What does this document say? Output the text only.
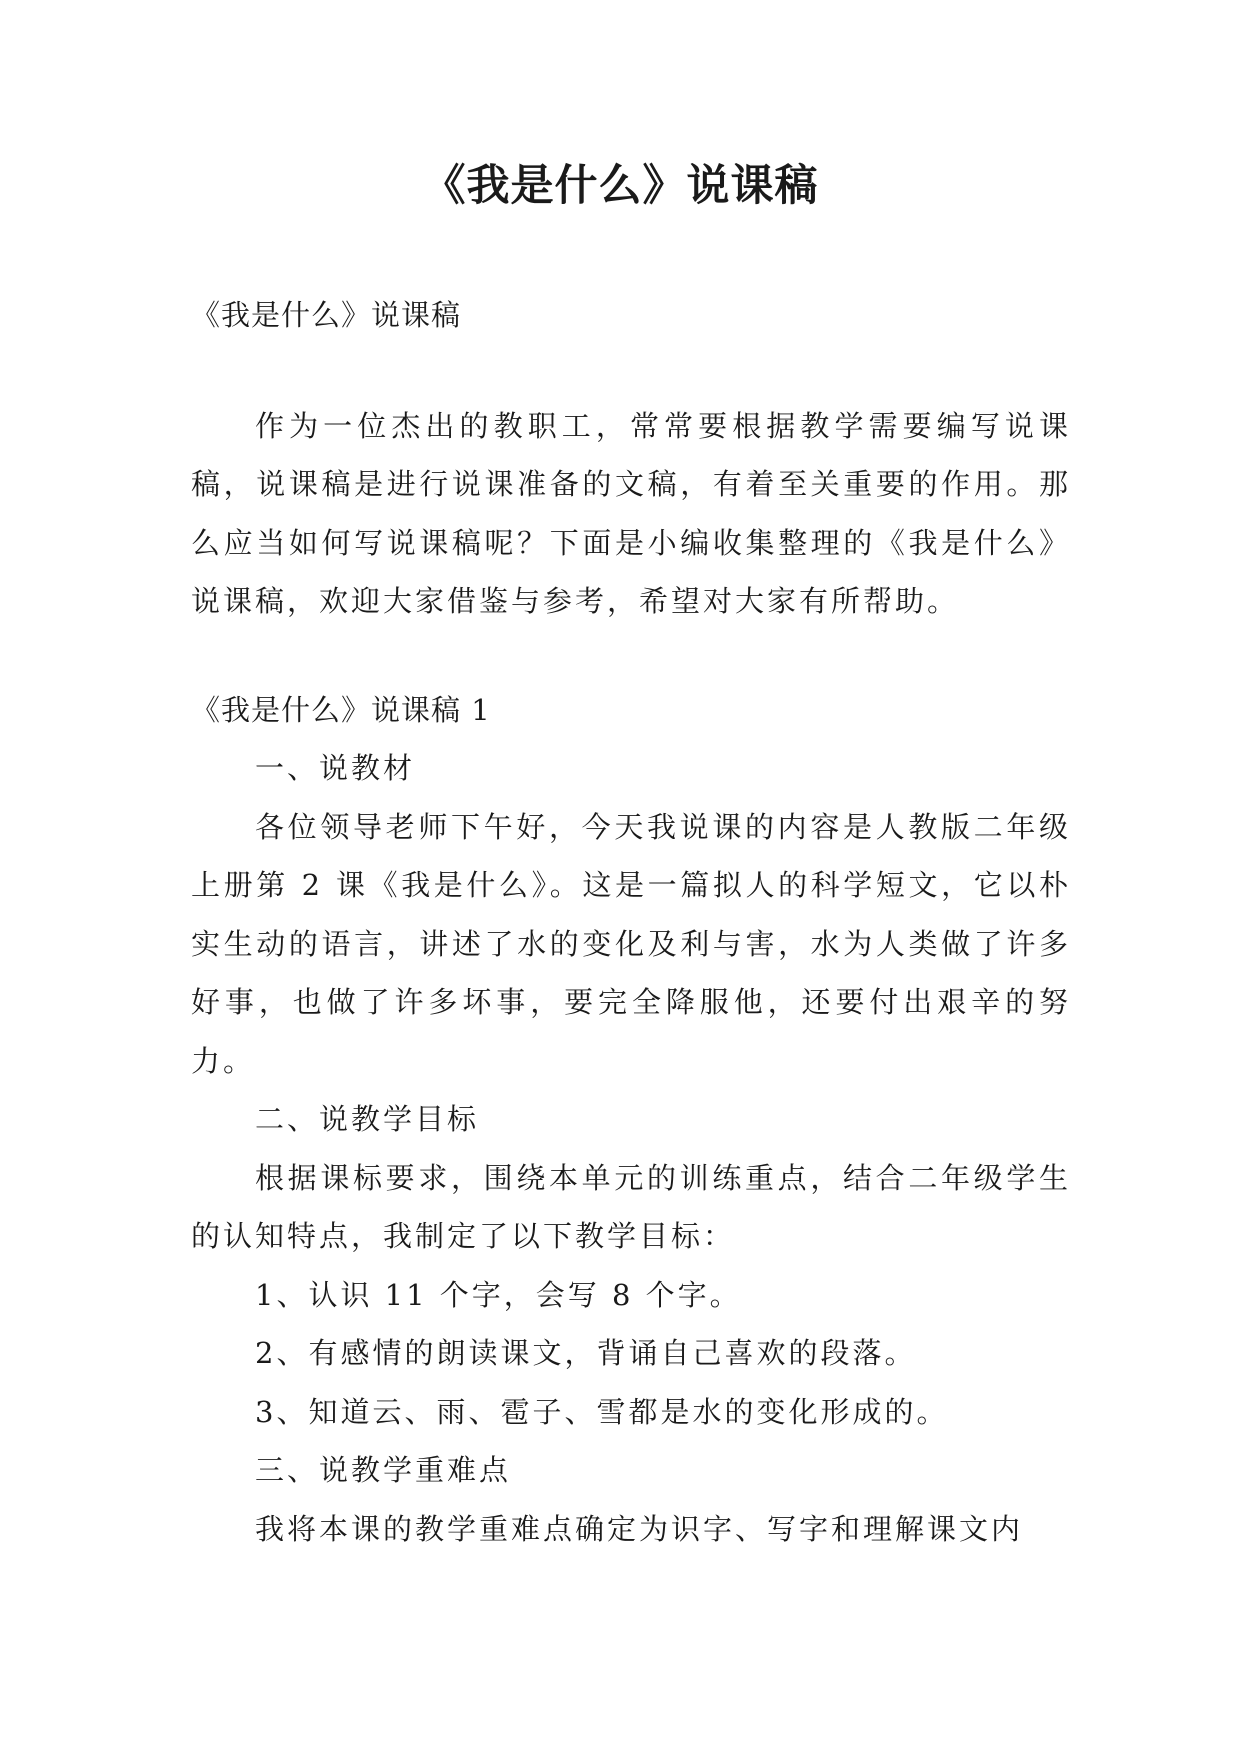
《我是什么》说课稿

《我是什么》说课稿

作为一位杰出的教职工，常常要根据教学需要编写说课稿，说课稿是进行说课准备的文稿，有着至关重要的作用。那么应当如何写说课稿呢？下面是小编收集整理的《我是什么》说课稿，欢迎大家借鉴与参考，希望对大家有所帮助。

《我是什么》说课稿 1

一、说教材

各位领导老师下午好，今天我说课的内容是人教版二年级上册第 2 课《我是什么》。这是一篇拟人的科学短文，它以朴实生动的语言，讲述了水的变化及利与害，水为人类做了许多好事，也做了许多坏事，要完全降服他，还要付出艰辛的努力。

二、说教学目标

根据课标要求，围绕本单元的训练重点，结合二年级学生的认知特点，我制定了以下教学目标：

1、认识 11 个字，会写 8 个字。

2、有感情的朗读课文，背诵自己喜欢的段落。

3、知道云、雨、雹子、雪都是水的变化形成的。

三、说教学重难点

我将本课的教学重难点确定为识字、写字和理解课文内
